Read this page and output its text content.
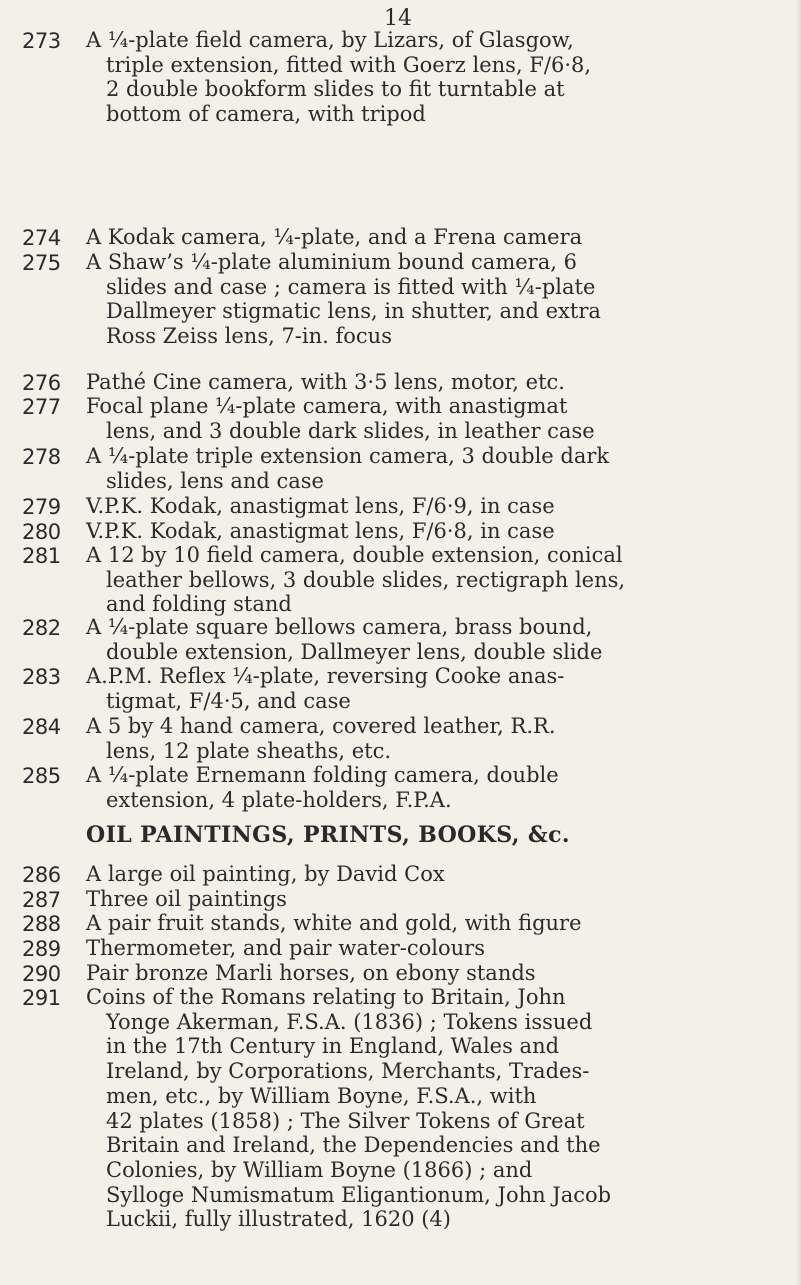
14
OIL PAINTINGS, PRINTS, BOOKS, &c.
273	A ¼-plate field camera, by Lizars, of Glasgow,
triple extension, fitted with Goerz lens, F/6·8,
2 double bookform slides to fit turntable at
bottom of camera, with tripod
274	A Kodak camera, ¼-plate, and a Frena camera
275	A Shaw’s ¼-plate aluminium bound camera, 6
slides and case ; camera is fitted with ¼-plate
Dallmeyer stigmatic lens, in shutter, and extra
Ross Zeiss lens, 7-in. focus
276	Pathé Cine camera, with 3·5 lens, motor, etc.
277	Focal plane ¼-plate camera, with anastigmat
lens, and 3 double dark slides, in leather case
278	A ¼-plate triple extension camera, 3 double dark
slides, lens and case
279	V.P.K. Kodak, anastigmat lens, F/6·9, in case
280	V.P.K. Kodak, anastigmat lens, F/6·8, in case
281	A 12 by 10 field camera, double extension, conical
leather bellows, 3 double slides, rectigraph lens,
and folding stand
282	A ¼-plate square bellows camera, brass bound,
double extension, Dallmeyer lens, double slide
283	A.P.M. Reflex ¼-plate, reversing Cooke anas-
tigmat, F/4·5, and case
284	A 5 by 4 hand camera, covered leather, R.R.
lens, 12 plate sheaths, etc.
285	A ¼-plate Ernemann folding camera, double
extension, 4 plate-holders, F.P.A.
286	A large oil painting, by David Cox
287	Three oil paintings
288	A pair fruit stands, white and gold, with figure
289	Thermometer, and pair water-colours
290	Pair bronze Marli horses, on ebony stands
291	Coins of the Romans relating to Britain, John
Yonge Akerman, F.S.A. (1836) ; Tokens issued
in the 17th Century in England, Wales and
Ireland, by Corporations, Merchants, Trades-
men, etc., by William Boyne, F.S.A., with
42 plates (1858) ; The Silver Tokens of Great
Britain and Ireland, the Dependencies and the
Colonies, by William Boyne (1866) ; and
Sylloge Numismatum Eligantionum, John Jacob
Luckii, fully illustrated, 1620 (4)
